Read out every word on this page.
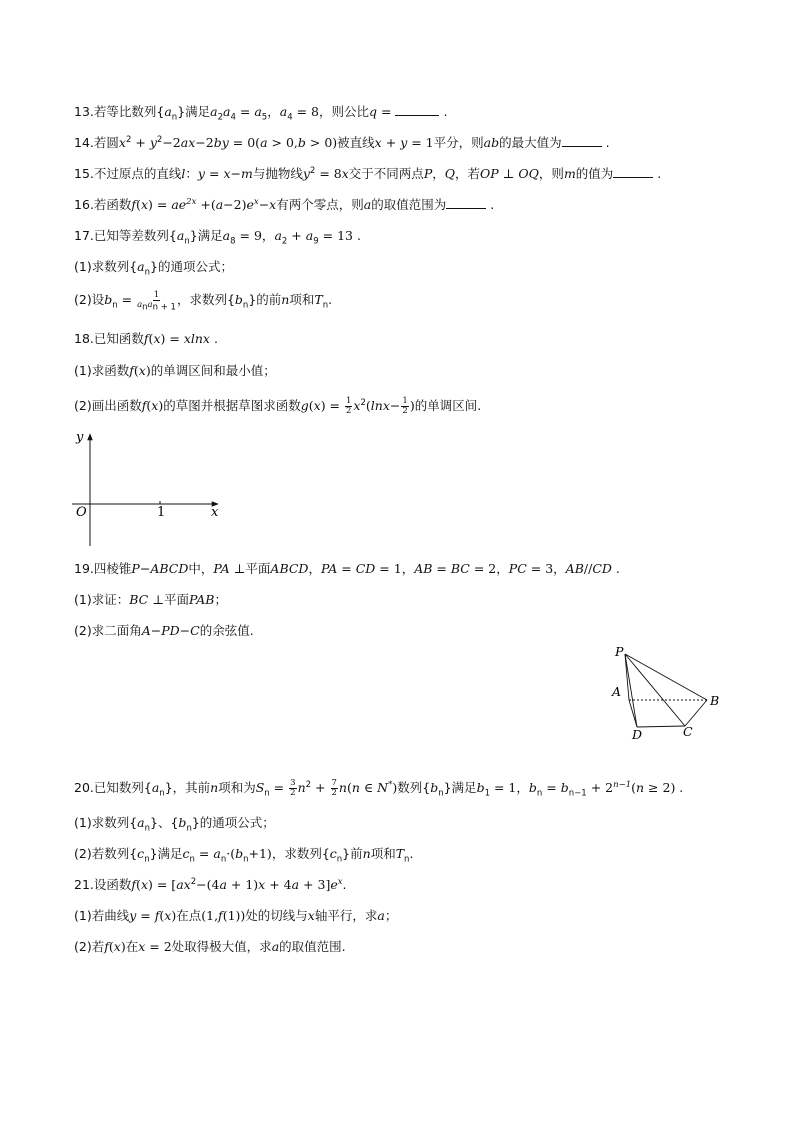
13.若等比数列$\{a_n\}$满足$a_2a_4 = a_5$，$a_4 = 8$，则公比q =	.
14.若圆$x^2 + y^2-2ax-2by = 0(a > 0,b > 0)$被直线x + y = 1平分，则ab的最大值为	.
15.不过原点的直线l：y = x−m与抛物线$y^2 = 8x$交于不同两点P，Q，若OP ⊥ OQ，则m的值为	.
16.若函数$f(x) = ae^{2x} +(a-2)e^x-x$有两个零点，则a的取值范围为	.
17.已知等差数列$\{a_n\}$满足$a_8 = 9$，$a_2 + a_9 = 13$ .
(1)求数列$\{a_n\}$的通项公式；
(2)设$b_n = \frac{1}{a_na_{n + 1}}$ ，求数列$\{b_n\}$的前n项和$T_n$.
18.已知函数f(x) = xlnx .
(1)求函数f(x)的单调区间和最小值；
(2)画出函数f(x)的草图并根据草图求函数$g(x) = \frac{1}{2} x^2(\ln x- \frac{1}{2}$ )的单调区间.
y
x
O	1
19.四棱锥P−ABCD中，PA ⊥平面ABCD，PA = CD = 1，AB = BC = 2，PC = 3，AB//CD .
(1)求证：BC ⊥平面PAB；
(2)求二面角A−PD−C的余弦值.
P
A
B
D	C
20.已知数列$\{a_n\}$，其前n项和为$S_n = \frac{3}{2} n^2 + \frac{7}{2} n(n$ ∈ N*)数列$\{b_n\}$满足$b_1 = 1$，$b_n = b_{n-1} + 2^{n-1}(n \ge 2)$ .
(1)求数列$\{a_n\}$、$\{b_n\}$的通项公式；
(2)若数列$\{c_n\}$满足$c_n = a_n\cdot(b_n+1)$，求数列$\{c_n\}$前n项和$T_n$.
21.设函数$f(x) = [ax^2-(4a + 1)x + 4a + 3]e^x$.
(1)若曲线y = f(x)在点(1,f(1))处的切线与x轴平行，求a；
(2)若f(x)在x = 2处取得极大值，求a的取值范围.
